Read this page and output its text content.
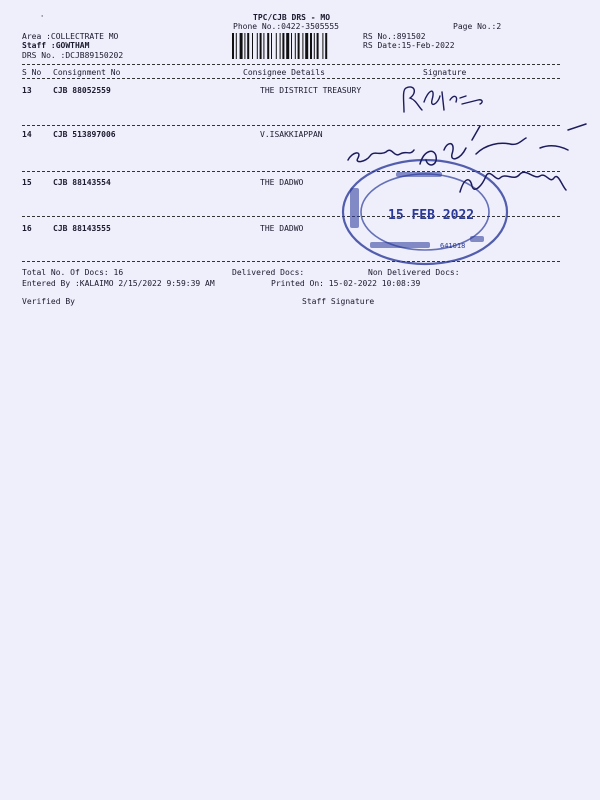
'	TPC/CJB DRS - MO
Phone No.:0422-3505555	Page No.:2
Area :COLLECTRATE MO
Staff :GOWTHAM
DRS No. :DCJB89150202
RS No.:891502
RS Date:15-Feb-2022
S No Consignment No	Consignee Details	Signature
13	CJB 88052559	THE DISTRICT TREASURY
14	CJB 513897006	V.ISAKKIAPPAN
15	CJB 88143554	THE DADWO
16	CJB 88143555	THE DADWO
Total No. Of Docs: 16	Delivered Docs:	Non Delivered Docs:
Entered By :KALAIMO 2/15/2022 9:59:39 AM	Printed On: 15-02-2022 10:08:39
Verified By	Staff Signature
15 FEB 2022
641018
